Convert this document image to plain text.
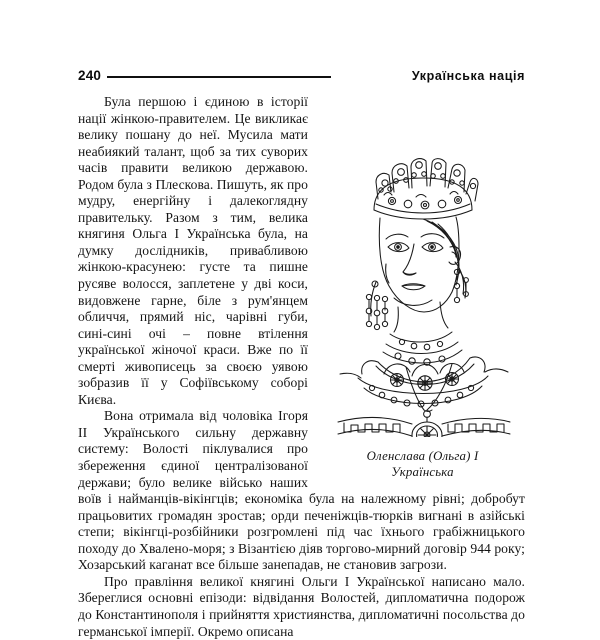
240	Українська нація
Оленслава (Ольга) I
Українська

Була першою і єдиною в історії нації жінкою-правителем. Це викликає велику пошану до неї. Мусила мати неабиякий талант, щоб за тих суворих часів правити великою державою. Родом була з Плескова. Пишуть, як про мудру, енергійну і далекоглядну правительку. Разом з тим, велика княгиня Ольга I Українська була, на думку дослідників, привабливою жінкою-красунею: густе та пишне русяве волосся, заплетене у дві коси, видовжене гарне, біле з рум'янцем обличчя, прямий ніс, чарівні губи, сині-сині очі – повне втілення української жіночої краси. Вже по її смерті живописець за своєю уявою зобразив її у Софіївському соборі Києва.

Вона отримала від чоловіка Ігоря II Українського сильну державну систему: Волості піклувалися про збереження єдиної централізованої держави; було велике військо наших воїв і найманців-вікінгців; економіка була на належному рівні; добробут працьовитих громадян зростав; орди печеніжців-тюрків вигнані в азійські степи; вікінгці-розбійники розгромлені під час їхнього грабіжницького походу до Хвалено-моря; з Візантією діяв торгово-мирний договір 944 року; Хозарський каганат все більше занепадав, не становив загрози.

Про правління великої княгині Ольги I Української написано мало. Збереглися основні епізоди: відвідання Волостей, дипломатична подорож до Константинополя і прийняття християнства, дипломатичні посольства до германської імперії. Окремо описана
